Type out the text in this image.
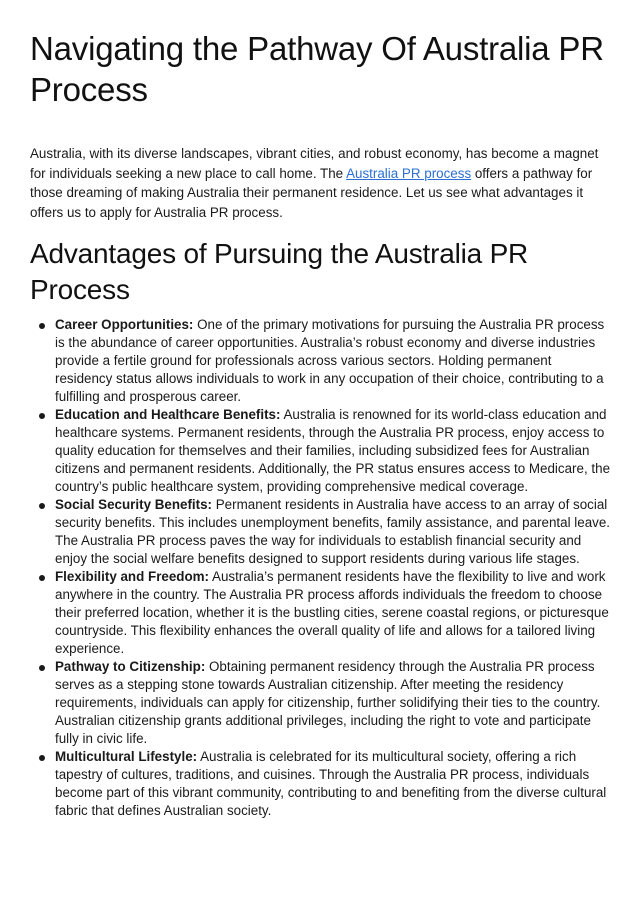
Navigating the Pathway Of Australia PR Process

Australia, with its diverse landscapes, vibrant cities, and robust economy, has become a magnet for individuals seeking a new place to call home. The Australia PR process offers a pathway for those dreaming of making Australia their permanent residence. Let us see what advantages it offers us to apply for Australia PR process.

Advantages of Pursuing the Australia PR Process
Career Opportunities: One of the primary motivations for pursuing the Australia PR process is the abundance of career opportunities. Australia’s robust economy and diverse industries provide a fertile ground for professionals across various sectors. Holding permanent residency status allows individuals to work in any occupation of their choice, contributing to a fulfilling and prosperous career.
Education and Healthcare Benefits: Australia is renowned for its world-class education and healthcare systems. Permanent residents, through the Australia PR process, enjoy access to quality education for themselves and their families, including subsidized fees for Australian citizens and permanent residents. Additionally, the PR status ensures access to Medicare, the country’s public healthcare system, providing comprehensive medical coverage.
Social Security Benefits: Permanent residents in Australia have access to an array of social security benefits. This includes unemployment benefits, family assistance, and parental leave. The Australia PR process paves the way for individuals to establish financial security and enjoy the social welfare benefits designed to support residents during various life stages.
Flexibility and Freedom: Australia’s permanent residents have the flexibility to live and work anywhere in the country. The Australia PR process affords individuals the freedom to choose their preferred location, whether it is the bustling cities, serene coastal regions, or picturesque countryside. This flexibility enhances the overall quality of life and allows for a tailored living experience.
Pathway to Citizenship: Obtaining permanent residency through the Australia PR process serves as a stepping stone towards Australian citizenship. After meeting the residency requirements, individuals can apply for citizenship, further solidifying their ties to the country. Australian citizenship grants additional privileges, including the right to vote and participate fully in civic life.
Multicultural Lifestyle: Australia is celebrated for its multicultural society, offering a rich tapestry of cultures, traditions, and cuisines. Through the Australia PR process, individuals become part of this vibrant community, contributing to and benefiting from the diverse cultural fabric that defines Australian society.
